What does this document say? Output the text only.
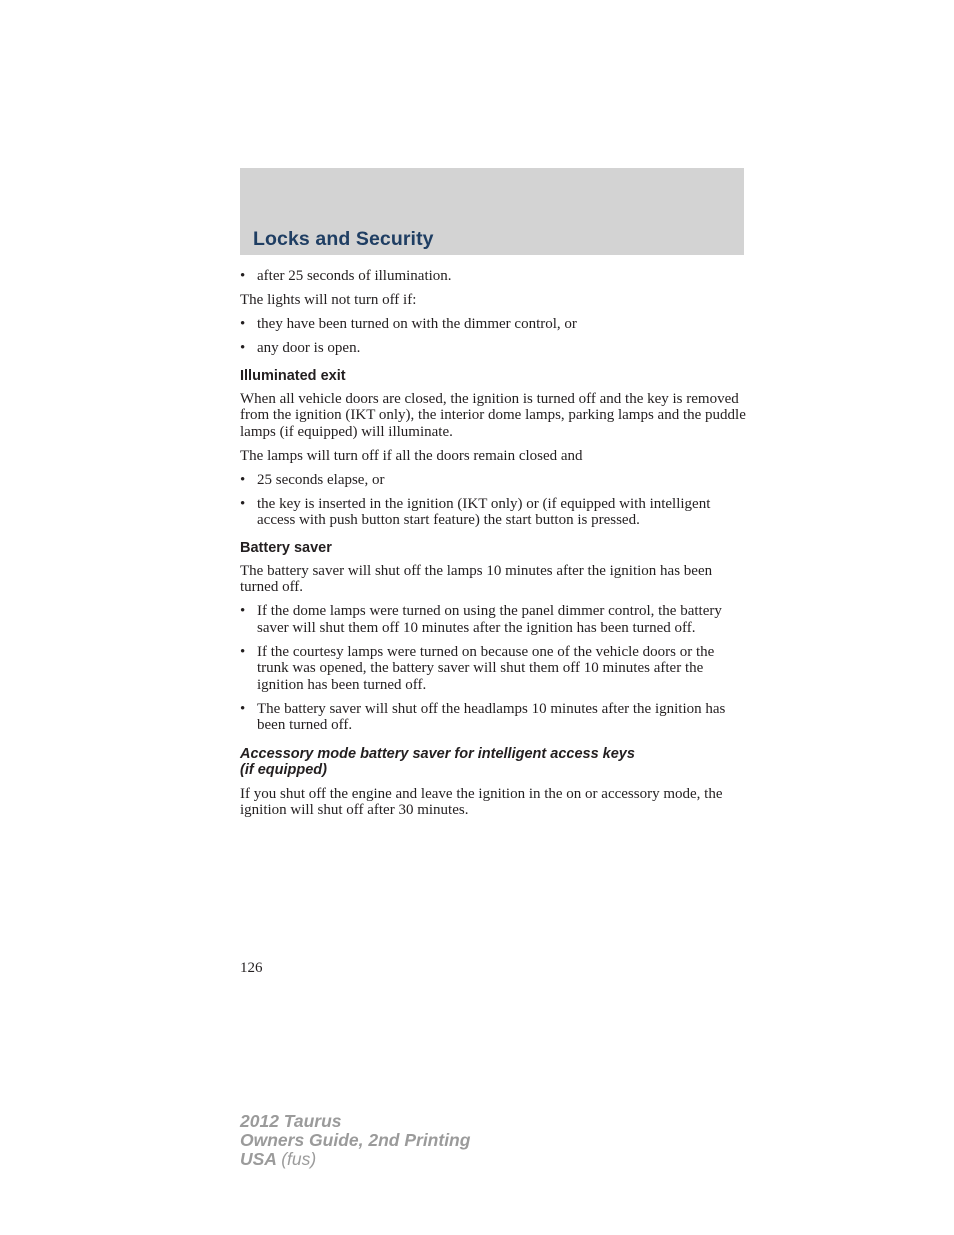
Locks and Security
• after 25 seconds of illumination.

The lights will not turn off if:

• they have been turned on with the dimmer control, or
• any door is open.
Illuminated exit

When all vehicle doors are closed, the ignition is turned off and the key is removed from the ignition (IKT only), the interior dome lamps, parking lamps and the puddle lamps (if equipped) will illuminate.

The lamps will turn off if all the doors remain closed and

• 25 seconds elapse, or
• the key is inserted in the ignition (IKT only) or (if equipped with intelligent access with push button start feature) the start button is pressed.
Battery saver

The battery saver will shut off the lamps 10 minutes after the ignition has been turned off.

• If the dome lamps were turned on using the panel dimmer control, the battery saver will shut them off 10 minutes after the ignition has been turned off.
• If the courtesy lamps were turned on because one of the vehicle doors or the trunk was opened, the battery saver will shut them off 10 minutes after the ignition has been turned off.
• The battery saver will shut off the headlamps 10 minutes after the ignition has been turned off.
Accessory mode battery saver for intelligent access keys
(if equipped)

If you shut off the engine and leave the ignition in the on or accessory mode, the ignition will shut off after 30 minutes.

126
2012 Taurus
Owners Guide, 2nd Printing
USA (fus)
